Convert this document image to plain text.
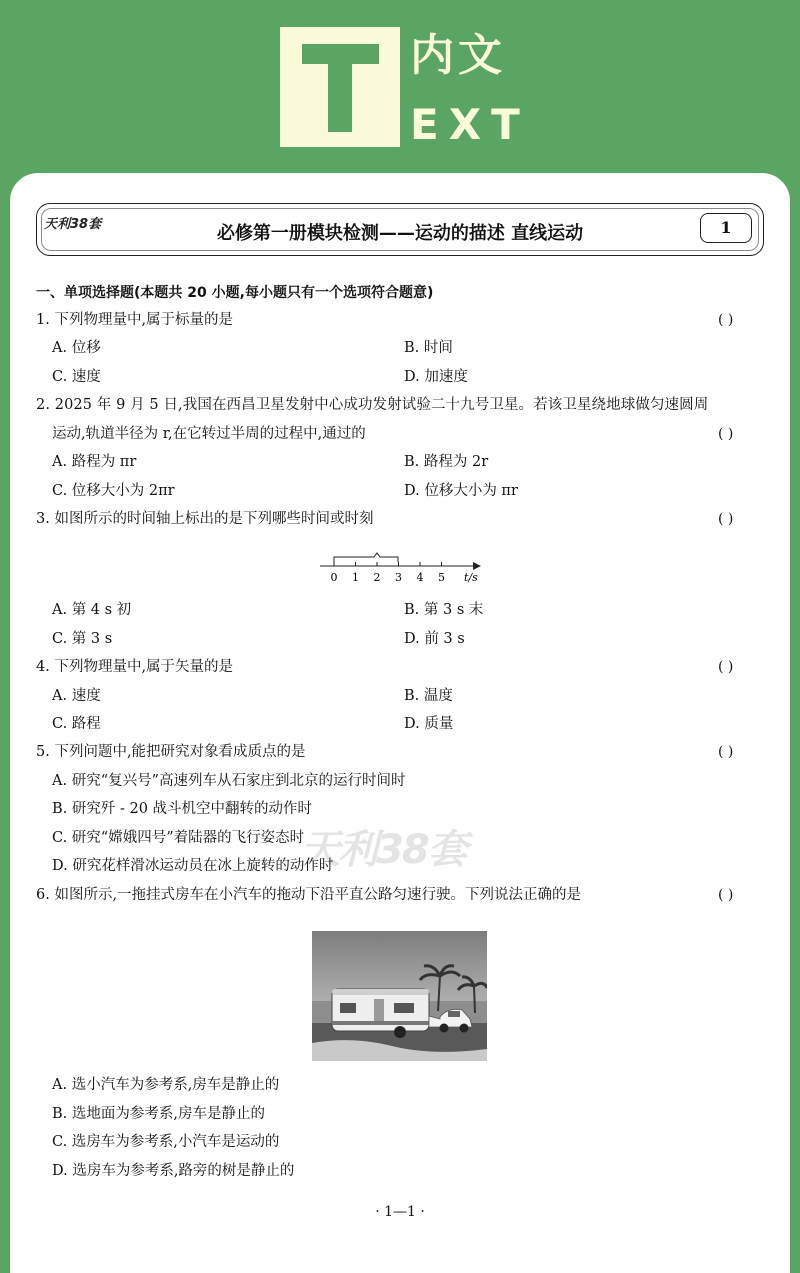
内文
EXT
天利38套	必修第一册模块检测——运动的描述 直线运动	1
一、单项选择题(本题共 20 小题,每小题只有一个选项符合题意)
1. 下列物理量中,属于标量的是	( )
A. 位移	B. 时间
C. 速度	D. 加速度
2. 2025 年 9 月 5 日,我国在西昌卫星发射中心成功发射试验二十九号卫星。若该卫星绕地球做匀速圆周
运动,轨道半径为 r,在它转过半周的过程中,通过的	( )
A. 路程为 πr	B. 路程为 2r
C. 位移大小为 2πr	D. 位移大小为 πr
3. 如图所示的时间轴上标出的是下列哪些时间或时刻	( )
0 1 2 3 4 5 t/s
A. 第 4 s 初	B. 第 3 s 末
C. 第 3 s	D. 前 3 s
4. 下列物理量中,属于矢量的是	( )
A. 速度	B. 温度
C. 路程	D. 质量
5. 下列问题中,能把研究对象看成质点的是	( )
天利38套
A. 研究“复兴号”高速列车从石家庄到北京的运行时间时
B. 研究歼 - 20 战斗机空中翻转的动作时
C. 研究“嫦娥四号”着陆器的飞行姿态时
D. 研究花样滑冰运动员在冰上旋转的动作时
6. 如图所示,一拖挂式房车在小汽车的拖动下沿平直公路匀速行驶。下列说法正确的是	( )
A. 选小汽车为参考系,房车是静止的
B. 选地面为参考系,房车是静止的
C. 选房车为参考系,小汽车是运动的
D. 选房车为参考系,路旁的树是静止的
· 1—1 ·
